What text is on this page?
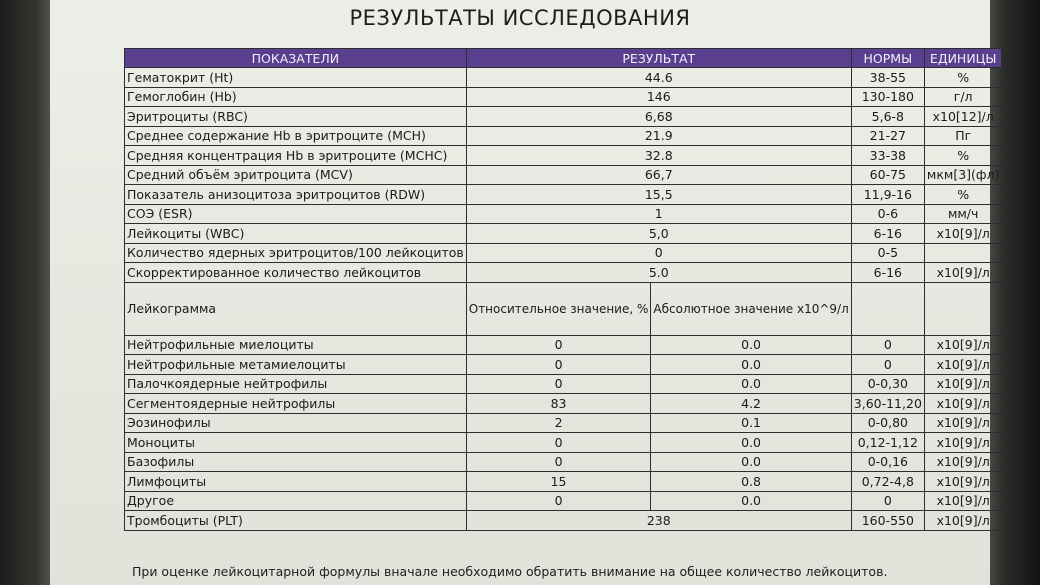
РЕЗУЛЬТАТЫ ИССЛЕДОВАНИЯ
ПОКАЗАТЕЛИ	РЕЗУЛЬТАТ		НОРМЫ	ЕДИНИЦЫ
Гематокрит (Ht)	44.6		38-55	%
Гемоглобин (Hb)	146		130-180	г/л
Эритроциты (RBC)	6,68		5,6-8	х10[12]/л
Среднее содержание Hb в эритроците (MCH)	21.9		21-27	Пг
Средняя концентрация Hb в эритроците (MCHC)	32.8		33-38	%
Средний объём эритроцита (MCV)	66,7		60-75	мкм[3](фл)
Показатель анизоцитоза эритроцитов (RDW)	15,5		11,9-16	%
СОЭ (ESR)	1		0-6	мм/ч
Лейкоциты (WBC)	5,0		6-16	х10[9]/л
Количество ядерных эритроцитов/100 лейкоцитов	0		0-5	
Скорректированное количество лейкоцитов	5.0		6-16	х10[9]/л
Лейкограмма	Относительное значение, %	Абсолютное значение х10^9/л		
Нейтрофильные миелоциты	0	0.0	0	х10[9]/л
Нейтрофильные метамиелоциты	0	0.0	0	х10[9]/л
Палочкоядерные нейтрофилы	0	0.0	0-0,30	х10[9]/л
Сегментоядерные нейтрофилы	83	4.2	3,60-11,20	х10[9]/л
Эозинофилы	2	0.1	0-0,80	х10[9]/л
Моноциты	0	0.0	0,12-1,12	х10[9]/л
Базофилы	0	0.0	0-0,16	х10[9]/л
Лимфоциты	15	0.8	0,72-4,8	х10[9]/л
Другое	0	0.0	0	х10[9]/л
Тромбоциты (PLT)	238		160-550	х10[9]/л
При оценке лейкоцитарной формулы вначале необходимо обратить внимание на общее количество лейкоцитов.
